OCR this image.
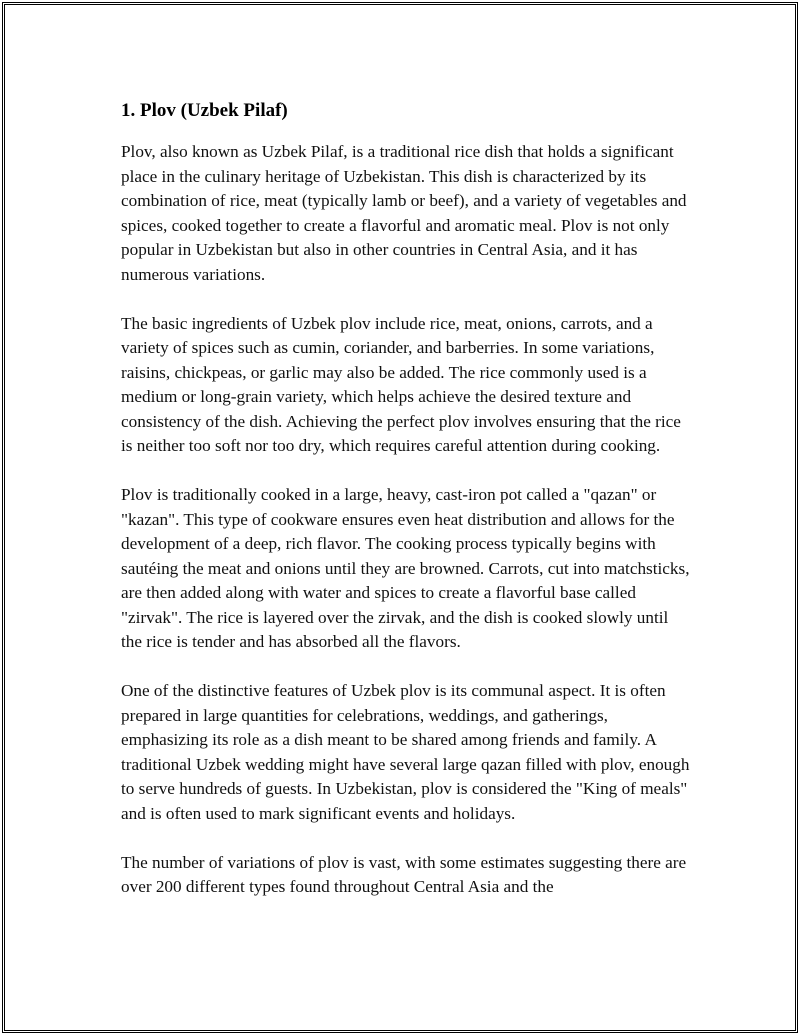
1. Plov (Uzbek Pilaf)

Plov, also known as Uzbek Pilaf, is a traditional rice dish that holds a significant place in the culinary heritage of Uzbekistan. This dish is characterized by its combination of rice, meat (typically lamb or beef), and a variety of vegetables and spices, cooked together to create a flavorful and aromatic meal. Plov is not only popular in Uzbekistan but also in other countries in Central Asia, and it has numerous variations.

The basic ingredients of Uzbek plov include rice, meat, onions, carrots, and a variety of spices such as cumin, coriander, and barberries. In some variations, raisins, chickpeas, or garlic may also be added. The rice commonly used is a medium or long-grain variety, which helps achieve the desired texture and consistency of the dish. Achieving the perfect plov involves ensuring that the rice is neither too soft nor too dry, which requires careful attention during cooking.

Plov is traditionally cooked in a large, heavy, cast-iron pot called a "qazan" or "kazan". This type of cookware ensures even heat distribution and allows for the development of a deep, rich flavor. The cooking process typically begins with sautéing the meat and onions until they are browned. Carrots, cut into matchsticks, are then added along with water and spices to create a flavorful base called "zirvak". The rice is layered over the zirvak, and the dish is cooked slowly until the rice is tender and has absorbed all the flavors.

One of the distinctive features of Uzbek plov is its communal aspect. It is often prepared in large quantities for celebrations, weddings, and gatherings, emphasizing its role as a dish meant to be shared among friends and family. A traditional Uzbek wedding might have several large qazan filled with plov, enough to serve hundreds of guests. In Uzbekistan, plov is considered the "King of meals" and is often used to mark significant events and holidays.

The number of variations of plov is vast, with some estimates suggesting there are over 200 different types found throughout Central Asia and the
